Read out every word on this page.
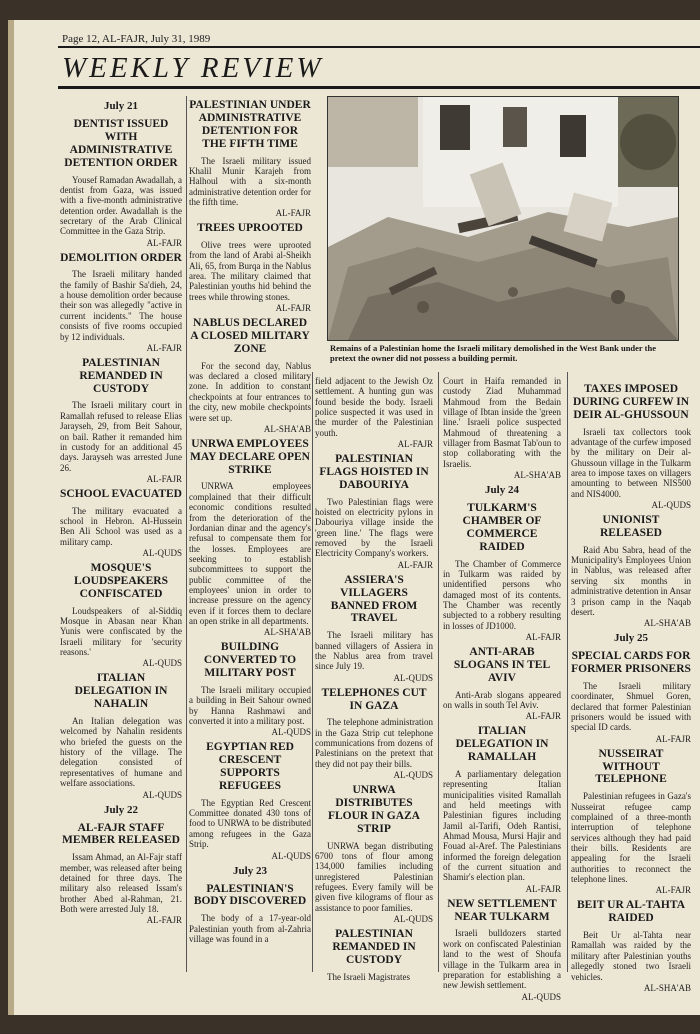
Page 12, AL-FAJR, July 31, 1989
WEEKLY REVIEW
July 21
DENTIST ISSUED WITH ADMINISTRATIVE DETENTION ORDER

Yousef Ramadan Awadallah, a dentist from Gaza, was issued with a five-month administrative detention order. Awadallah is the secretary of the Arab Clinical Committee in the Gaza Strip.

AL-FAJR
DEMOLITION ORDER

The Israeli military handed the family of Bashir Sa'dieh, 24, a house demolition order because their son was allegedly "active in current incidents." The house consists of five rooms occupied by 12 individuals.

AL-FAJR
PALESTINIAN REMANDED IN CUSTODY

The Israeli military court in Ramallah refused to release Elias Jarayseh, 29, from Beit Sahour, on bail. Rather it remanded him in custody for an additional 45 days. Jarayseh was arrested June 26.

AL-FAJR
SCHOOL EVACUATED

The military evacuated a school in Hebron. Al-Hussein Ben Ali School was used as a military camp.

AL-QUDS
MOSQUE'S LOUDSPEAKERS CONFISCATED

Loudspeakers of al-Siddiq Mosque in Abasan near Khan Yunis were confiscated by the Israeli military for 'security reasons.'

AL-QUDS
ITALIAN DELEGATION IN NAHALIN

An Italian delegation was welcomed by Nahalin residents who briefed the guests on the history of the village. The delegation consisted of representatives of humane and welfare associations.

AL-QUDS
July 22
AL-FAJR STAFF MEMBER RELEASED

Issam Ahmad, an Al-Fajr staff member, was released after being detained for three days. The military also released Issam's brother Abed al-Rahman, 21. Both were arrested July 18.

AL-FAJR
PALESTINIAN UNDER ADMINISTRATIVE DETENTION FOR THE FIFTH TIME

The Israeli military issued Khalil Munir Karajeh from Halhoul with a six-month administrative detention order for the fifth time.

AL-FAJR
TREES UPROOTED

Olive trees were uprooted from the land of Arabi al-Sheikh Ali, 65, from Burqa in the Nablus area. The military claimed that Palestinian youths hid behind the trees while throwing stones.

AL-FAJR
NABLUS DECLARED A CLOSED MILITARY ZONE

For the second day, Nablus was declared a closed military zone. In addition to constant checkpoints at four entrances to the city, new mobile checkpoints were set up.

AL-SHA'AB
UNRWA EMPLOYEES MAY DECLARE OPEN STRIKE

UNRWA employees complained that their difficult economic conditions resulted from the deterioration of the Jordanian dinar and the agency's refusal to compensate them for the losses. Employees are seeking to establish subcommittees to support the public committee of the employees' union in order to increase pressure on the agency even if it forces them to declare an open strike in all departments.

AL-SHA'AB
BUILDING CONVERTED TO MILITARY POST

The Israeli military occupied a building in Beit Sahour owned by Hanna Rashmawi and converted it into a military post.

AL-QUDS
EGYPTIAN RED CRESCENT SUPPORTS REFUGEES

The Egyptian Red Crescent Committee donated 430 tons of food to UNRWA to be distributed among refugees in the Gaza Strip.

AL-QUDS
July 23
PALESTINIAN'S BODY DISCOVERED

The body of a 17-year-old Palestinian youth from al-Zahria village was found in a

Remains of a Palestinian home the Israeli military demolished in the West Bank under the pretext the owner did not possess a building permit.

field adjacent to the Jewish Oz settlement. A hunting gun was found beside the body. Israeli police suspected it was used in the murder of the Palestinian youth.

AL-FAJR
PALESTINIAN FLAGS HOISTED IN DABOURIYA

Two Palestinian flags were hoisted on electricity pylons in Dabouriya village inside the 'green line.' The flags were removed by the Israeli Electricity Company's workers.

AL-FAJR
ASSIERA'S VILLAGERS BANNED FROM TRAVEL

The Israeli military has banned villagers of Assiera in the Nablus area from travel since July 19.

AL-QUDS
TELEPHONES CUT IN GAZA

The telephone administration in the Gaza Strip cut telephone communications from dozens of Palestinians on the pretext that they did not pay their bills.

AL-QUDS
UNRWA DISTRIBUTES FLOUR IN GAZA STRIP

UNRWA began distributing 6700 tons of flour among 134,000 families including unregistered Palestinian refugees. Every family will be given five kilograms of flour as assistance to poor families.

AL-QUDS
PALESTINIAN REMANDED IN CUSTODY

The Israeli Magistrates

Court in Haifa remanded in custody Ziad Muhammad Mahmoud from the Bedain village of Ibtan inside the 'green line.' Israeli police suspected Mahmoud of threatening a villager from Basmat Tab'oun to stop collaborating with the Israelis.

AL-SHA'AB
July 24
TULKARM'S CHAMBER OF COMMERCE RAIDED

The Chamber of Commerce in Tulkarm was raided by unidentified persons who damaged most of its contents. The Chamber was recently subjected to a robbery resulting in losses of JD1000.

AL-FAJR
ANTI-ARAB SLOGANS IN TEL AVIV

Anti-Arab slogans appeared on walls in south Tel Aviv.

AL-FAJR
ITALIAN DELEGATION IN RAMALLAH

A parliamentary delegation representing Italian municipalities visited Ramallah and held meetings with Palestinian figures including Jamil al-Tarifi, Odeh Rantisi, Ahmad Mousa, Mursi Hajir and Fouad al-Aref. The Palestinians informed the foreign delegation of the current situation and Shamir's election plan.

AL-FAJR
NEW SETTLEMENT NEAR TULKARM

Israeli bulldozers started work on confiscated Palestinian land to the west of Shoufa village in the Tulkarm area in preparation for establishing a new Jewish settlement.

AL-QUDS
TAXES IMPOSED DURING CURFEW IN DEIR AL-GHUSSOUN

Israeli tax collectors took advantage of the curfew imposed by the military on Deir al-Ghussoun village in the Tulkarm area to impose taxes on villagers amounting to between NIS500 and NIS4000.

AL-QUDS
UNIONIST RELEASED

Raid Abu Sabra, head of the Municipality's Employees Union in Nablus, was released after serving six months in administrative detention in Ansar 3 prison camp in the Naqab desert.

AL-SHA'AB
July 25
SPECIAL CARDS FOR FORMER PRISONERS

The Israeli military coordinater, Shmuel Goren, declared that former Palestinian prisoners would be issued with special ID cards.

AL-FAJR
NUSSEIRAT WITHOUT TELEPHONE

Palestinian refugees in Gaza's Nusseirat refugee camp complained of a three-month interruption of telephone services although they had paid their bills. Residents are appealing for the Israeli authorities to reconnect the telephone lines.

AL-FAJR
BEIT UR AL-TAHTA RAIDED

Beit Ur al-Tahta near Ramallah was raided by the military after Palestinian youths allegedly stoned two Israeli vehicles.

AL-SHA'AB
